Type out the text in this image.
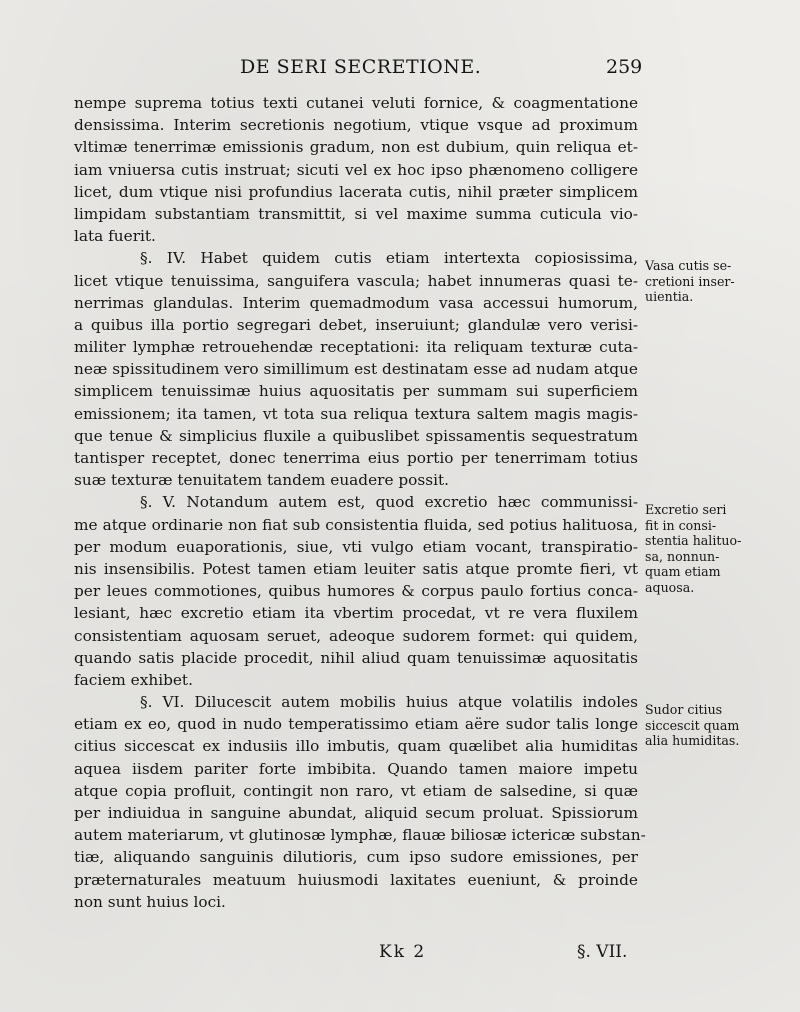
DE SERI SECRETIONE.	259
nempe suprema totius texti cutanei veluti fornice, & coagmentatione
densissima. Interim secretionis negotium, vtique vsque ad proximum
vltimæ tenerrimæ emissionis gradum, non est dubium, quin reliqua et-
iam vniuersa cutis instruat; sicuti vel ex hoc ipso phænomeno colligere
licet, dum vtique nisi profundius lacerata cutis, nihil præter simplicem
limpidam substantiam transmittit, si vel maxime summa cuticula vio-
lata fuerit.
§. IV. Habet quidem cutis etiam intertexta copiosissima,
licet vtique tenuissima, sanguifera vascula; habet innumeras quasi te-
nerrimas glandulas. Interim quemadmodum vasa accessui humorum,
a quibus illa portio segregari debet, inseruiunt; glandulæ vero verisi-
militer lymphæ retrouehendæ receptationi: ita reliquam texturæ cuta-
neæ spissitudinem vero simillimum est destinatam esse ad nudam atque
simplicem tenuissimæ huius aquositatis per summam sui superficiem
emissionem; ita tamen, vt tota sua reliqua textura saltem magis magis-
que tenue & simplicius fluxile a quibuslibet spissamentis sequestratum
tantisper receptet, donec tenerrima eius portio per tenerrimam totius
suæ texturæ tenuitatem tandem euadere possit.
§. V. Notandum autem est, quod excretio hæc communissi-
me atque ordinarie non fiat sub consistentia fluida, sed potius halituosa,
per modum euaporationis, siue, vti vulgo etiam vocant, transpiratio-
nis insensibilis. Potest tamen etiam leuiter satis atque promte fieri, vt
per leues commotiones, quibus humores & corpus paulo fortius conca-
lesiant, hæc excretio etiam ita vbertim procedat, vt re vera fluxilem
consistentiam aquosam seruet, adeoque sudorem formet: qui quidem,
quando satis placide procedit, nihil aliud quam tenuissimæ aquositatis
faciem exhibet.
§. VI. Dilucescit autem mobilis huius atque volatilis indoles
etiam ex eo, quod in nudo temperatissimo etiam aëre sudor talis longe
citius siccescat ex indusiis illo imbutis, quam quælibet alia humiditas
aquea iisdem pariter forte imbibita. Quando tamen maiore impetu
atque copia profluit, contingit non raro, vt etiam de salsedine, si quæ
per indiuidua in sanguine abundat, aliquid secum proluat. Spissiorum
autem materiarum, vt glutinosæ lymphæ, flauæ biliosæ ictericæ substan-
tiæ, aliquando sanguinis dilutioris, cum ipso sudore emissiones, per
præternaturales meatuum huiusmodi laxitates eueniunt, & proinde
non sunt huius loci.
Vasa cutis se-
cretioni inser-
uientia.
Excretio seri
fit in consi-
stentia halituo-
sa, nonnun-
quam etiam
aquosa.
Sudor citius
siccescit quam
alia humiditas.
Kk 2	§. VII.
